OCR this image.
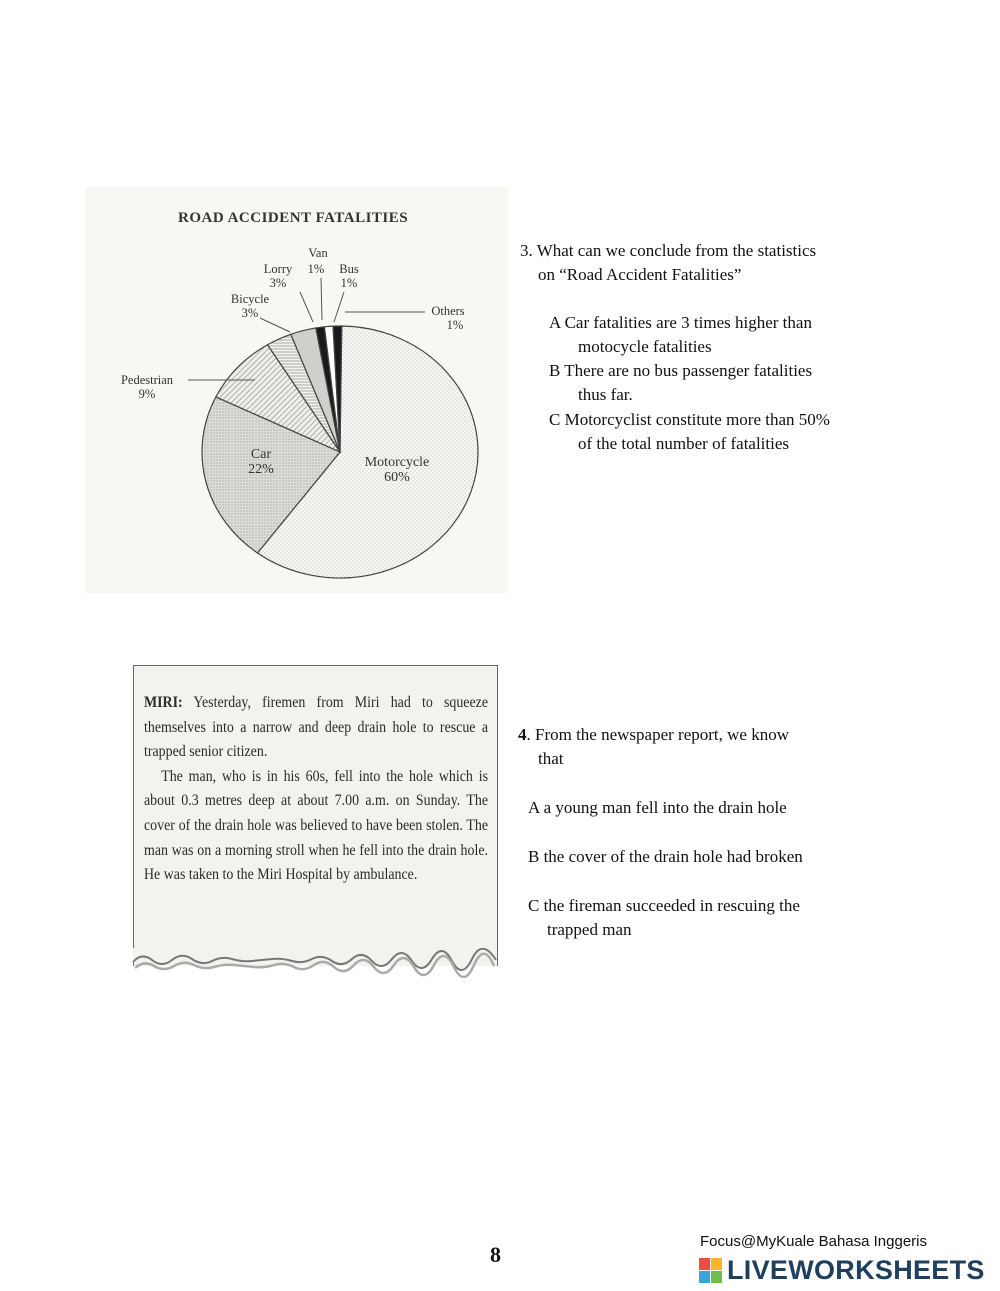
ROAD ACCIDENT FATALITIES
Van
Lorry
3%
1%	Bus
1%
Bicycle
3%	Others
1%
Pedestrian
9%
Car
22%	Motorcycle
60%
3. What can we conclude from the statistics
on “Road Accident Fatalities”
A Car fatalities are 3 times higher than
motocycle fatalities
B There are no bus passenger fatalities
thus far.
C Motorcyclist constitute more than 50%
of the total number of fatalities

MIRI: Yesterday, firemen from Miri had to squeeze themselves into a narrow and deep drain hole to rescue a trapped senior citizen.

The man, who is in his 60s, fell into the hole which is about 0.3 metres deep at about 7.00 a.m. on Sunday. The cover of the drain hole was believed to have been stolen. The man was on a morning stroll when he fell into the drain hole. He was taken to the Miri Hospital by ambulance.

4. From the newspaper report, we know
that
A a young man fell into the drain hole
B the cover of the drain hole had broken
C the fireman succeeded in rescuing the
trapped man
8
Focus@MyKuale Bahasa Inggeris
LIVEWORKSHEETS
